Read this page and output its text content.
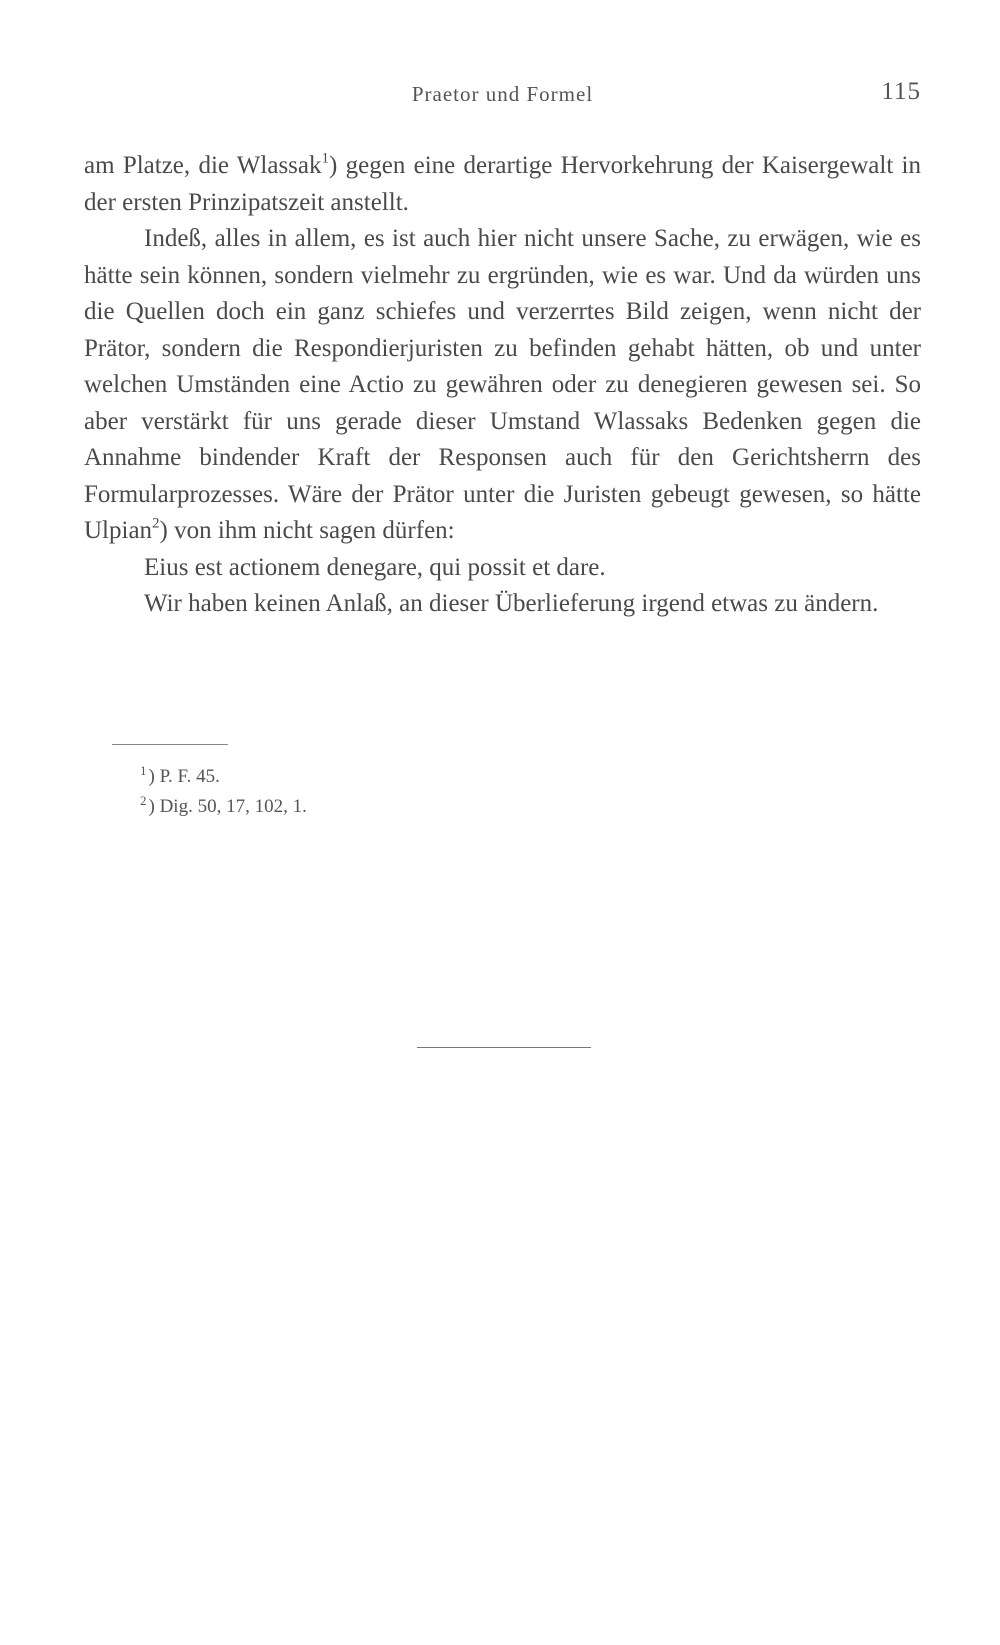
Praetor und Formel	115

am Platze, die Wlassak$^1$) gegen eine derartige Hervorkehrung der Kaisergewalt in der ersten Prinzipatszeit anstellt.

Indeß, alles in allem, es ist auch hier nicht unsere Sache, zu erwägen, wie es hätte sein können, sondern vielmehr zu ergründen, wie es war. Und da würden uns die Quellen doch ein ganz schiefes und verzerrtes Bild zeigen, wenn nicht der Prätor, sondern die Respondierjuristen zu befinden gehabt hätten, ob und unter welchen Umständen eine Actio zu gewähren oder zu denegieren gewesen sei. So aber verstärkt für uns gerade dieser Umstand Wlassaks Bedenken gegen die Annahme bindender Kraft der Responsen auch für den Gerichtsherrn des Formularprozesses. Wäre der Prätor unter die Juristen gebeugt gewesen, so hätte Ulpian$^2$) von ihm nicht sagen dürfen:

Eius est actionem denegare, qui possit et dare.

Wir haben keinen Anlaß, an dieser Überlieferung irgend etwas zu ändern.

$^1$ ) P. F. 45.

$^2$ ) Dig. 50, 17, 102, 1.
